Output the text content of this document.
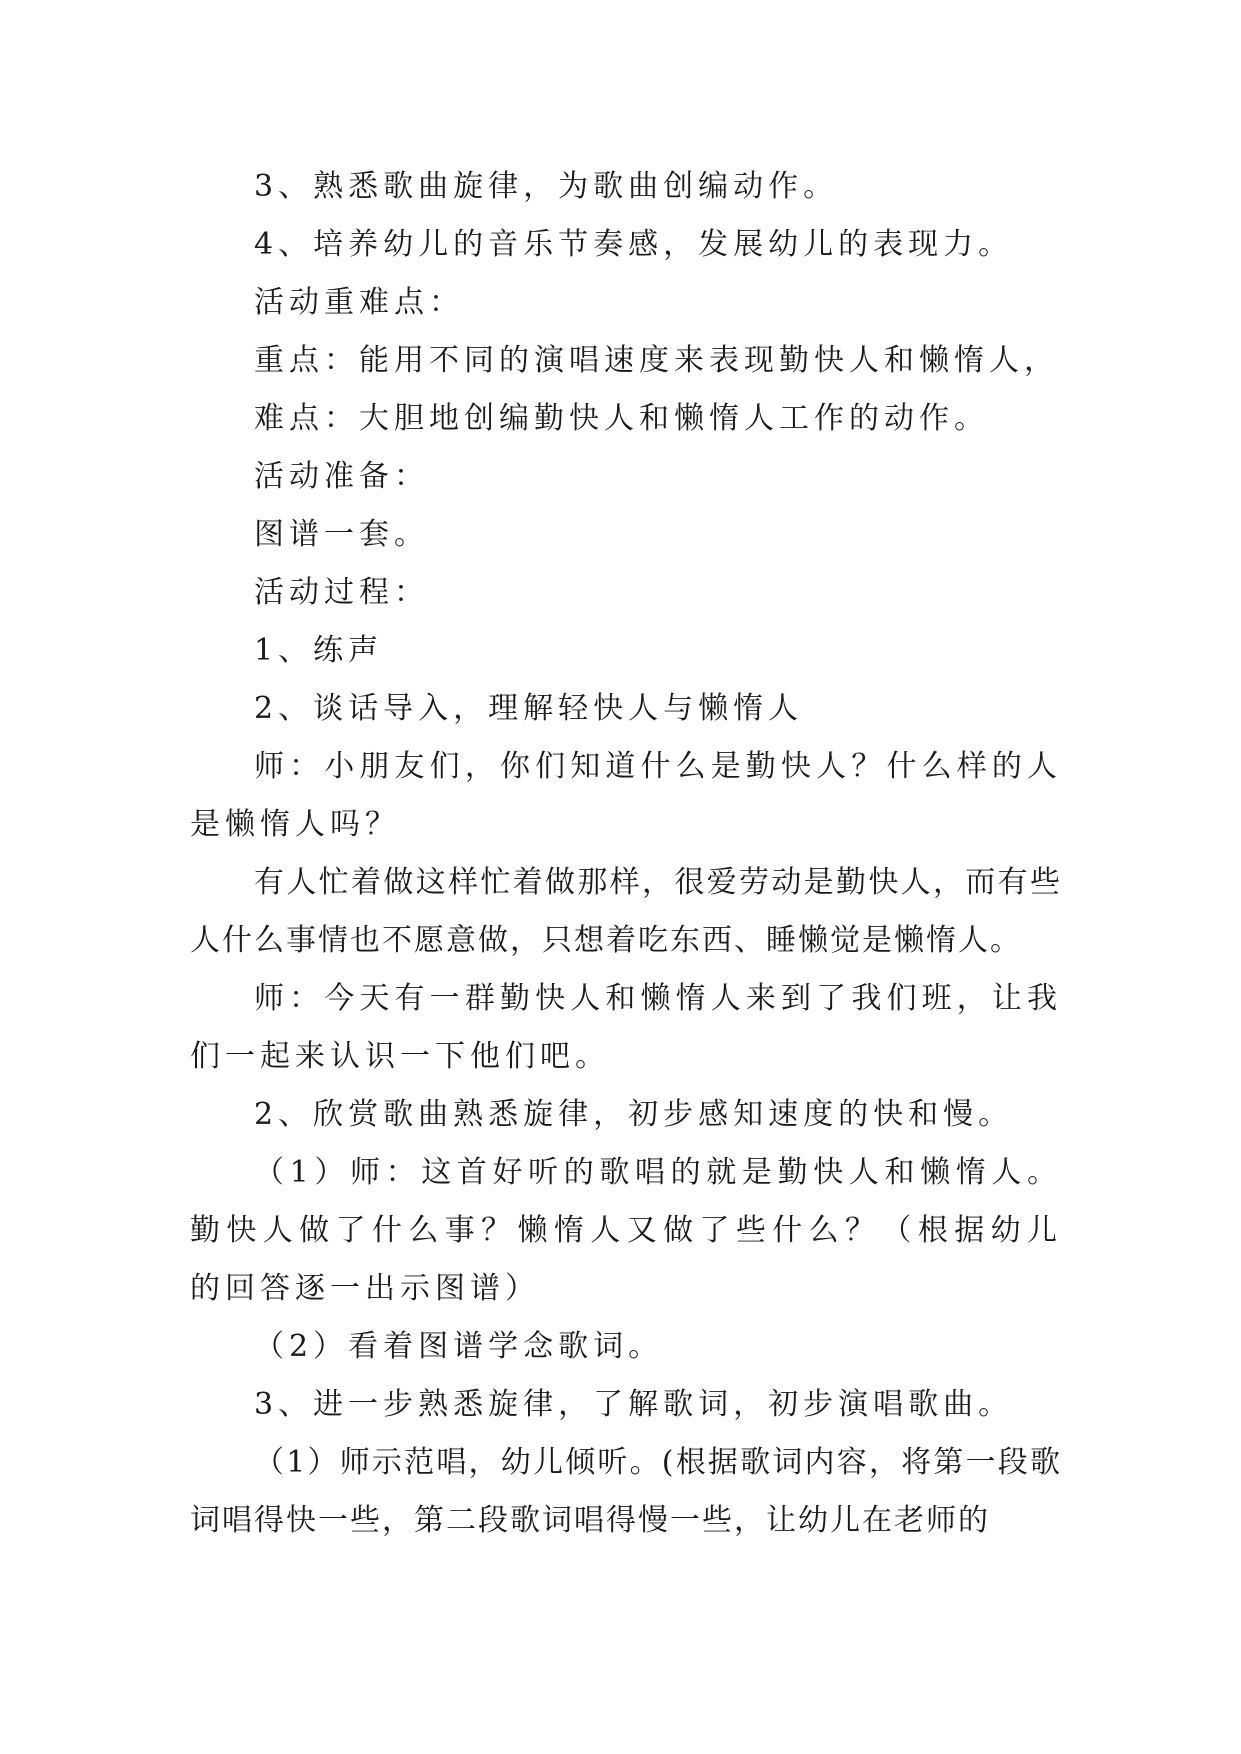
3、熟悉歌曲旋律，为歌曲创编动作。

4、培养幼儿的音乐节奏感，发展幼儿的表现力。

活动重难点：

重点：能用不同的演唱速度来表现勤快人和懒惰人，

难点：大胆地创编勤快人和懒惰人工作的动作。

活动准备：

图谱一套。

活动过程：

1、练声

2、谈话导入，理解轻快人与懒惰人

师：小朋友们，你们知道什么是勤快人？什么样的人是懒惰人吗？

有人忙着做这样忙着做那样，很爱劳动是勤快人，而有些人什么事情也不愿意做，只想着吃东西、睡懒觉是懒惰人。

师：今天有一群勤快人和懒惰人来到了我们班，让我们一起来认识一下他们吧。

2、欣赏歌曲熟悉旋律，初步感知速度的快和慢。

（1）师：这首好听的歌唱的就是勤快人和懒惰人。勤快人做了什么事？懒惰人又做了些什么？（根据幼儿的回答逐一出示图谱）

（2）看着图谱学念歌词。

3、进一步熟悉旋律，了解歌词，初步演唱歌曲。

（1）师示范唱，幼儿倾听。(根据歌词内容，将第一段歌词唱得快一些，第二段歌词唱得慢一些，让幼儿在老师的
